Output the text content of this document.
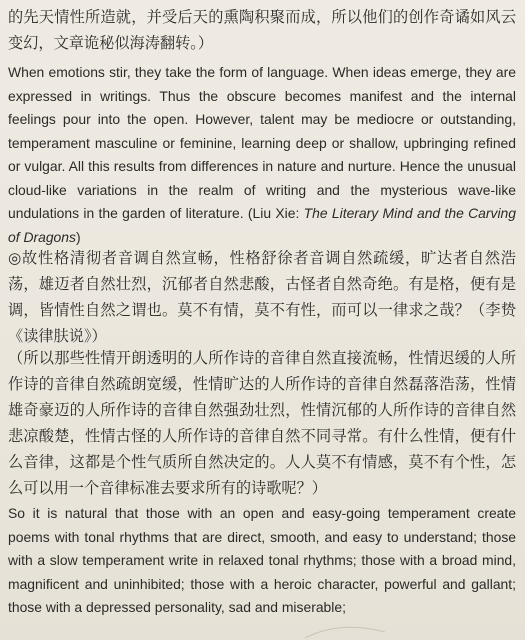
的先天情性所造就，并受后天的熏陶积聚而成，所以他们的创作奇谲如风云变幻，文章诡秘似海涛翻转。）

When emotions stir, they take the form of language. When ideas emerge, they are expressed in writings. Thus the obscure becomes manifest and the internal feelings pour into the open. However, talent may be mediocre or outstanding, temperament masculine or feminine, learning deep or shallow, upbringing refined or vulgar. All this results from differences in nature and nurture. Hence the unusual cloud-like variations in the realm of writing and the mysterious wave-like undulations in the garden of literature. (Liu Xie: The Literary Mind and the Carving of Dragons)

◎故性格清彻者音调自然宣畅，性格舒徐者音调自然疏缓，旷达者自然浩荡，雄迈者自然壮烈，沉郁者自然悲酸，古怪者自然奇绝。有是格，便有是调，皆情性自然之谓也。莫不有情，莫不有性，而可以一律求之哉？（李贽《读律肤说》）

（所以那些性情开朗透明的人所作诗的音律自然直接流畅，性情迟缓的人所作诗的音律自然疏朗宽缓，性情旷达的人所作诗的音律自然磊落浩荡，性情雄奇豪迈的人所作诗的音律自然强劲壮烈，性情沉郁的人所作诗的音律自然悲凉酸楚，性情古怪的人所作诗的音律自然不同寻常。有什么性情，便有什么音律，这都是个性气质所自然决定的。人人莫不有情感，莫不有个性，怎么可以用一个音律标准去要求所有的诗歌呢？）

So it is natural that those with an open and easy-going temperament create poems with tonal rhythms that are direct, smooth, and easy to understand; those with a slow temperament write in relaxed tonal rhythms; those with a broad mind, magnificent and uninhibited; those with a heroic character, powerful and gallant; those with a depressed personality, sad and miserable;
